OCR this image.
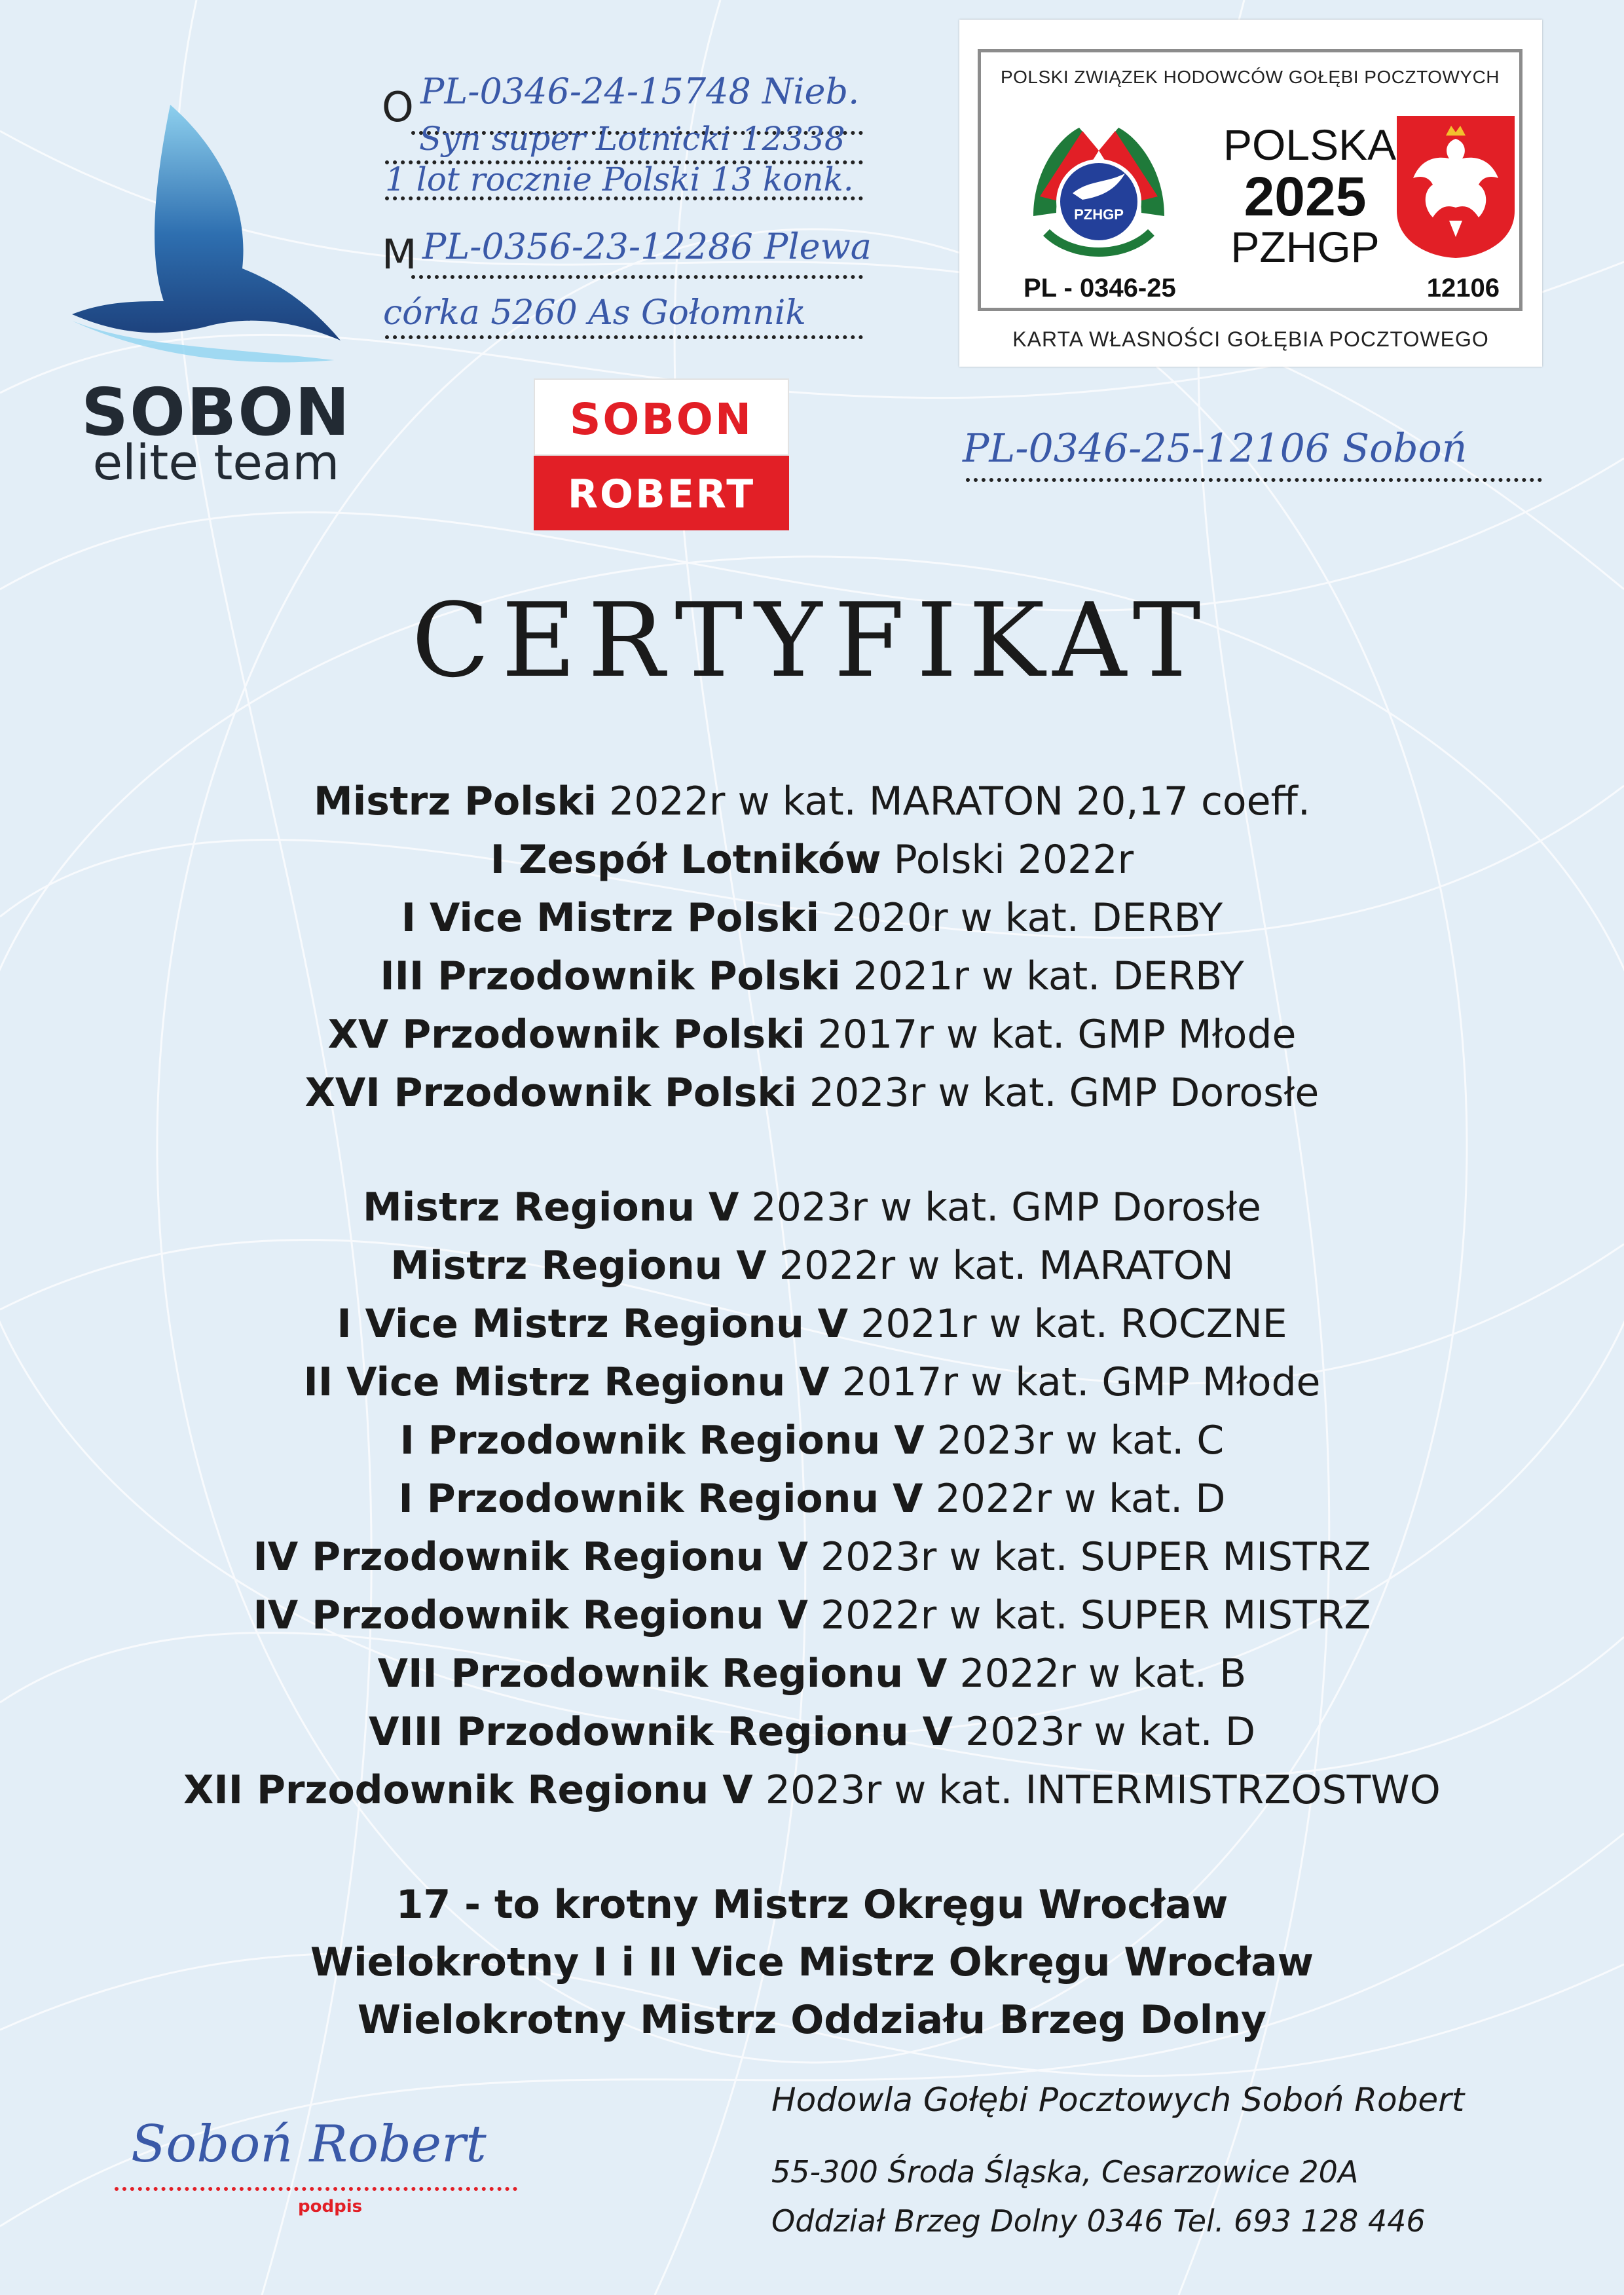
SOBON
elite team
O PL-0346-24-15748 Nieb.
Syn super Lotnicki 12338
1 lot rocznie Polski 13 konk.
M PL-0356-23-12286 Plewa
córka 5260 As Gołomnik
SOBON
ROBERT
PL-0346-25-12106 Soboń
POLSKI ZWIĄZEK HODOWCÓW GOŁĘBI POCZTOWYCH
PZHGP
POLSKA
2025
PZHGP
PL - 0346-25	12106
KARTA WŁASNOŚCI GOŁĘBIA POCZTOWEGO
CERTYFIKAT
Mistrz Polski 2022r w kat. MARATON 20,17 coeff.
I Zespół Lotników Polski 2022r
I Vice Mistrz Polski 2020r w kat. DERBY
III Przodownik Polski 2021r w kat. DERBY
XV Przodownik Polski 2017r w kat. GMP Młode
XVI Przodownik Polski 2023r w kat. GMP Dorosłe
Mistrz Regionu V 2023r w kat. GMP Dorosłe
Mistrz Regionu V 2022r w kat. MARATON
I Vice Mistrz Regionu V 2021r w kat. ROCZNE
II Vice Mistrz Regionu V 2017r w kat. GMP Młode
I Przodownik Regionu V 2023r w kat. C
I Przodownik Regionu V 2022r w kat. D
IV Przodownik Regionu V 2023r w kat. SUPER MISTRZ
IV Przodownik Regionu V 2022r w kat. SUPER MISTRZ
VII Przodownik Regionu V 2022r w kat. B
VIII Przodownik Regionu V 2023r w kat. D
XII Przodownik Regionu V 2023r w kat. INTERMISTRZOSTWO
17 - to krotny Mistrz Okręgu Wrocław
Wielokrotny I i II Vice Mistrz Okręgu Wrocław
Wielokrotny Mistrz Oddziału Brzeg Dolny
Hodowla Gołębi Pocztowych Soboń Robert
55-300 Środa Śląska, Cesarzowice 20A
Oddział Brzeg Dolny 0346 Tel. 693 128 446
Soboń Robert
podpis
